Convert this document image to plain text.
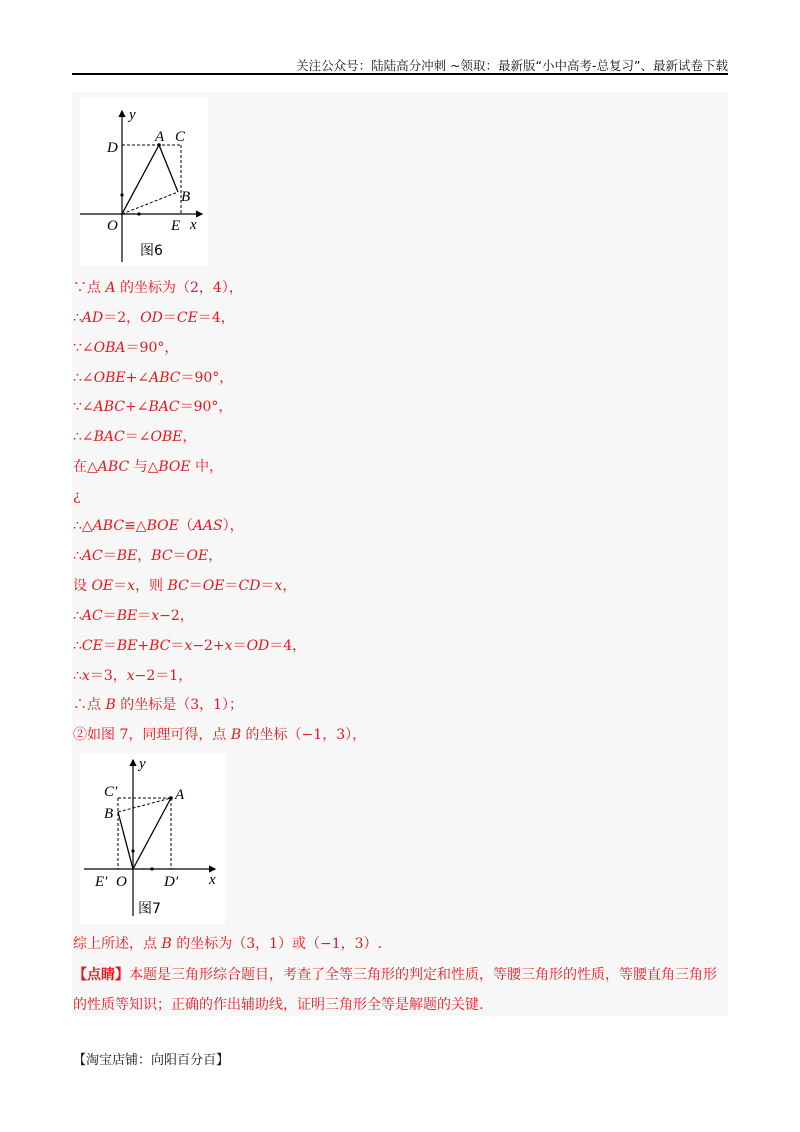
关注公众号：陆陆高分冲刺 ~领取：最新版“小中高考-总复习”、最新试卷下载
y
x
O	E
D
A C
B
图6
∵点 A 的坐标为（2，4），
∴AD＝2，OD＝CE＝4，
∵∠OBA＝90°，
∴∠OBE+∠ABC＝90°，
∵∠ABC+∠BAC＝90°，
∴∠BAC＝∠OBE，
在△ABC 与△BOE 中，
¿
∴△ABC≌△BOE（AAS），
∴AC＝BE，BC＝OE，
设 OE＝x，则 BC＝OE＝CD＝x，
∴AC＝BE＝x−2，
∴CE＝BE+BC＝x−2+x＝OD＝4，
∴x＝3，x−2＝1，
∴点 B 的坐标是（3，1）；
②如图 7，同理可得，点 B 的坐标（−1，3），
y
x
O
E′	D′
A
C′
B
图7
综上所述，点 B 的坐标为（3，1）或（−1，3）.
【点睛】本题是三角形综合题目，考查了全等三角形的判定和性质，等腰三角形的性质，等腰直角三角形的性质等知识；正确的作出辅助线，证明三角形全等是解题的关键.
【淘宝店铺：向阳百分百】
